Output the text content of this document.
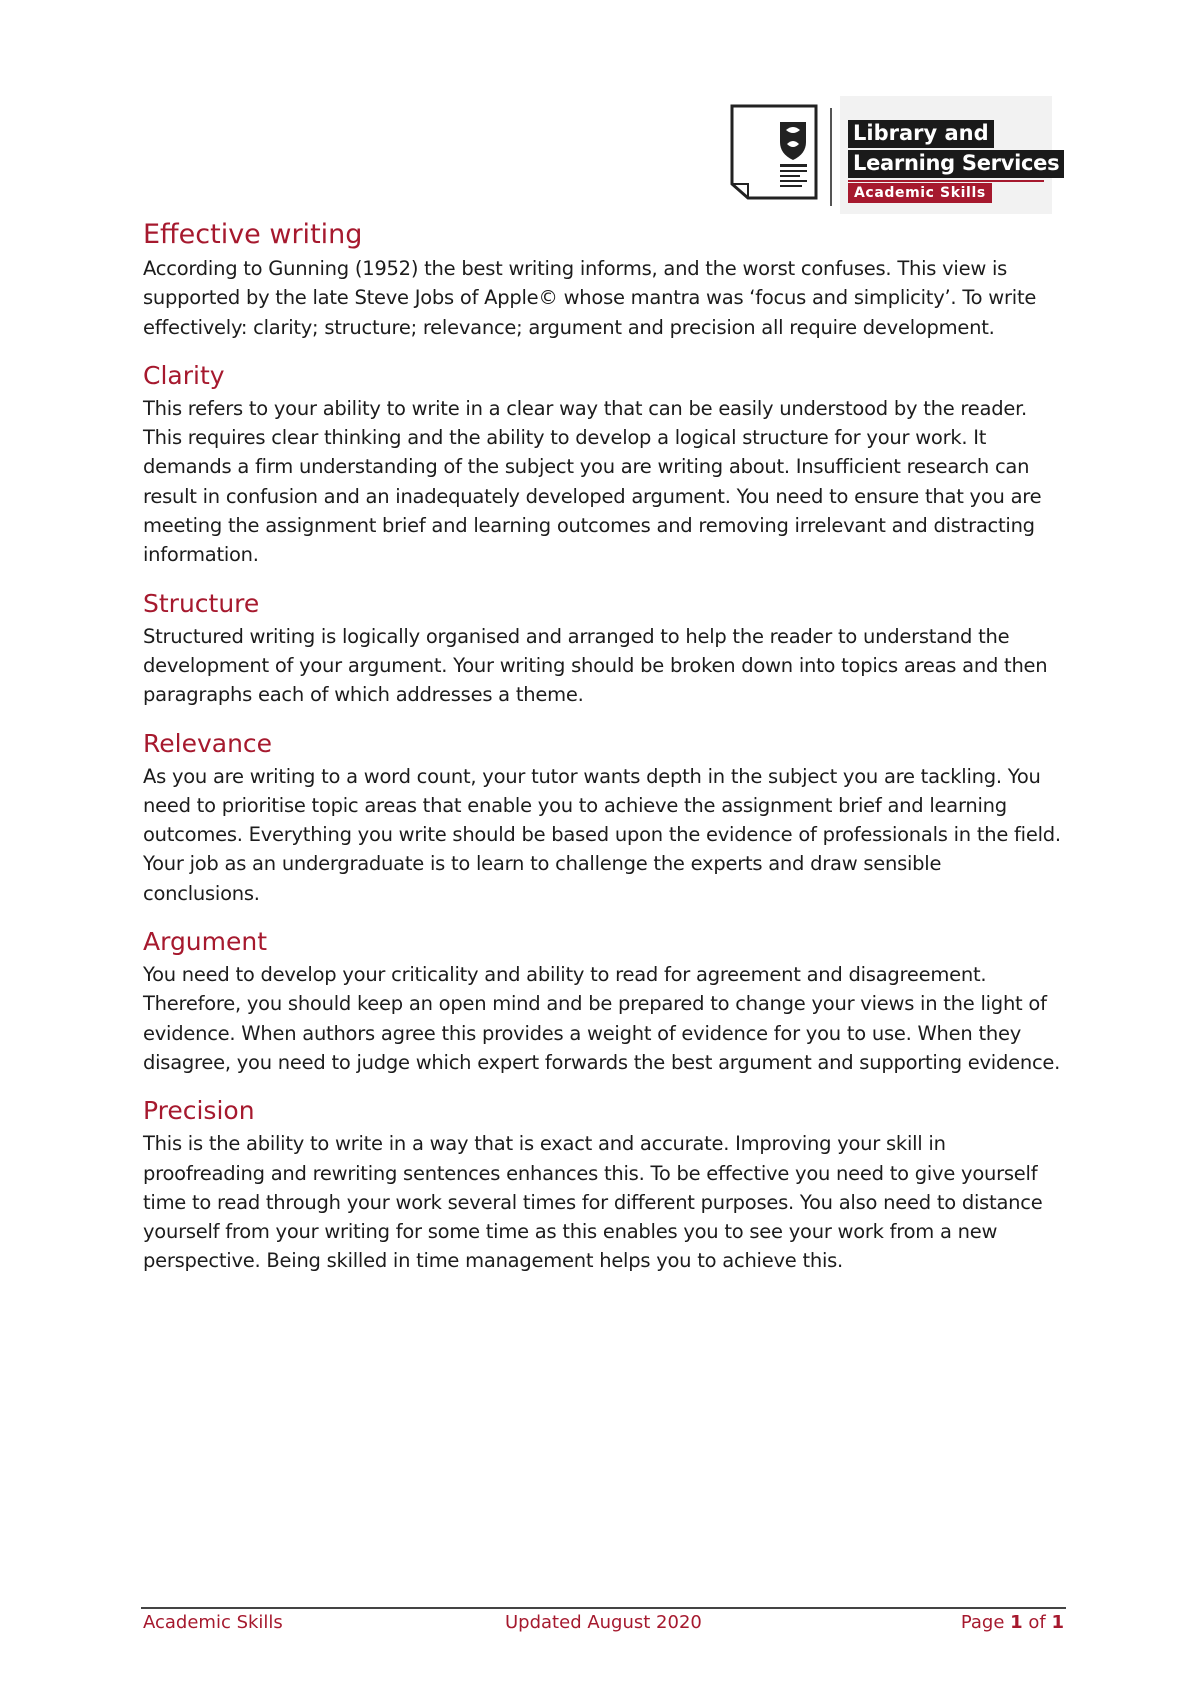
Library and
Learning Services
Academic Skills
Effective writing

According to Gunning (1952) the best writing informs, and the worst confuses. This view is supported by the late Steve Jobs of Apple© whose mantra was ‘focus and simplicity’. To write effectively: clarity; structure; relevance; argument and precision all require development.

Clarity

This refers to your ability to write in a clear way that can be easily understood by the reader. This requires clear thinking and the ability to develop a logical structure for your work. It demands a firm understanding of the subject you are writing about. Insufficient research can result in confusion and an inadequately developed argument. You need to ensure that you are meeting the assignment brief and learning outcomes and removing irrelevant and distracting information.

Structure

Structured writing is logically organised and arranged to help the reader to understand the development of your argument. Your writing should be broken down into topics areas and then paragraphs each of which addresses a theme.

Relevance

As you are writing to a word count, your tutor wants depth in the subject you are tackling. You need to prioritise topic areas that enable you to achieve the assignment brief and learning outcomes. Everything you write should be based upon the evidence of professionals in the field. Your job as an undergraduate is to learn to challenge the experts and draw sensible conclusions.

Argument

You need to develop your criticality and ability to read for agreement and disagreement. Therefore, you should keep an open mind and be prepared to change your views in the light of evidence. When authors agree this provides a weight of evidence for you to use. When they disagree, you need to judge which expert forwards the best argument and supporting evidence.

Precision

This is the ability to write in a way that is exact and accurate. Improving your skill in proofreading and rewriting sentences enhances this. To be effective you need to give yourself time to read through your work several times for different purposes. You also need to distance yourself from your writing for some time as this enables you to see your work from a new perspective. Being skilled in time management helps you to achieve this.

Academic Skills	Updated August 2020	Page 1 of 1
